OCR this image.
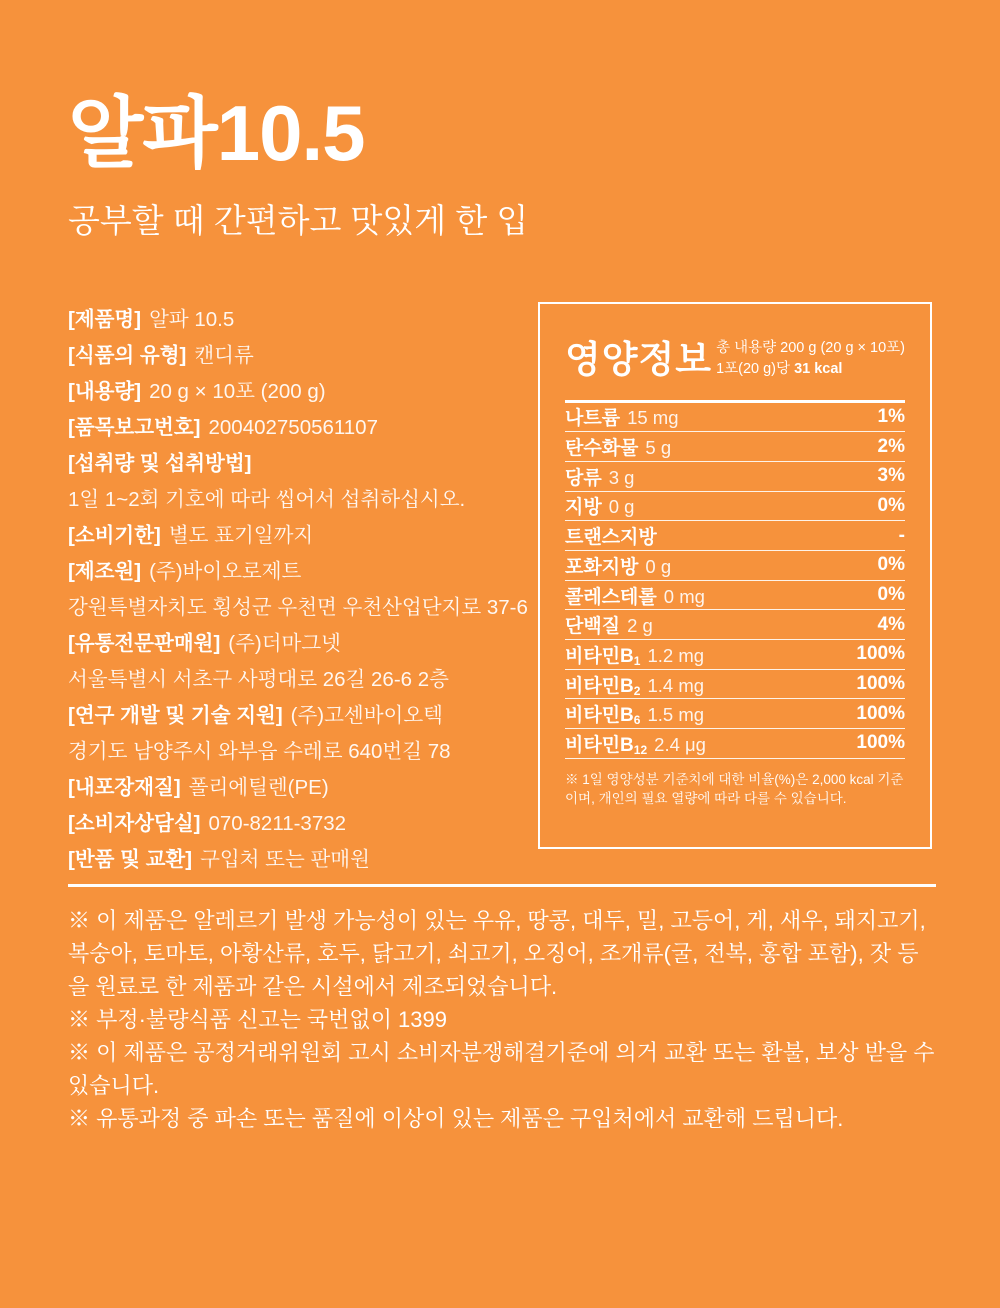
알파10.5
공부할 때 간편하고 맛있게 한 입
[제품명] 알파 10.5
[식품의 유형] 캔디류
[내용량] 20 g × 10포 (200 g)
[품목보고번호] 200402750561107
[섭취량 및 섭취방법]
1일 1~2회 기호에 따라 씹어서 섭취하십시오.
[소비기한] 별도 표기일까지
[제조원] (주)바이오로제트
강원특별자치도 횡성군 우천면 우천산업단지로 37-6
[유통전문판매원] (주)더마그넷
서울특별시 서초구 사평대로 26길 26-6 2층
[연구 개발 및 기술 지원] (주)고센바이오텍
경기도 남양주시 와부읍 수레로 640번길 78
[내포장재질] 폴리에틸렌(PE)
[소비자상담실] 070-8211-3732
[반품 및 교환] 구입처 또는 판매원
영양정보 총 내용량 200 g (20 g × 10포)
1포(20 g)당 31 kcal
나트륨 15 mg	1%
탄수화물 5 g	2%
당류 3 g	3%
지방 0 g	0%
트랜스지방	-
포화지방 0 g	0%
콜레스테롤 0 mg	0%
단백질 2 g	4%
비타민$B_1$ 1.2 mg	100%
비타민$B_2$ 1.4 mg	100%
비타민$B_6$ 1.5 mg	100%
비타민$B_{12}$ 2.4 μg	100%
※ 1일 영양성분 기준치에 대한 비율(%)은 2,000 kcal 기준이며, 개인의 필요 열량에 따라 다를 수 있습니다.

※ 이 제품은 알레르기 발생 가능성이 있는 우유, 땅콩, 대두, 밀, 고등어, 게, 새우, 돼지고기, 복숭아, 토마토, 아황산류, 호두, 닭고기, 쇠고기, 오징어, 조개류(굴, 전복, 홍합 포함), 잣 등을 원료로 한 제품과 같은 시설에서 제조되었습니다.

※ 부정·불량식품 신고는 국번없이 1399

※ 이 제품은 공정거래위원회 고시 소비자분쟁해결기준에 의거 교환 또는 환불, 보상 받을 수 있습니다.

※ 유통과정 중 파손 또는 품질에 이상이 있는 제품은 구입처에서 교환해 드립니다.
